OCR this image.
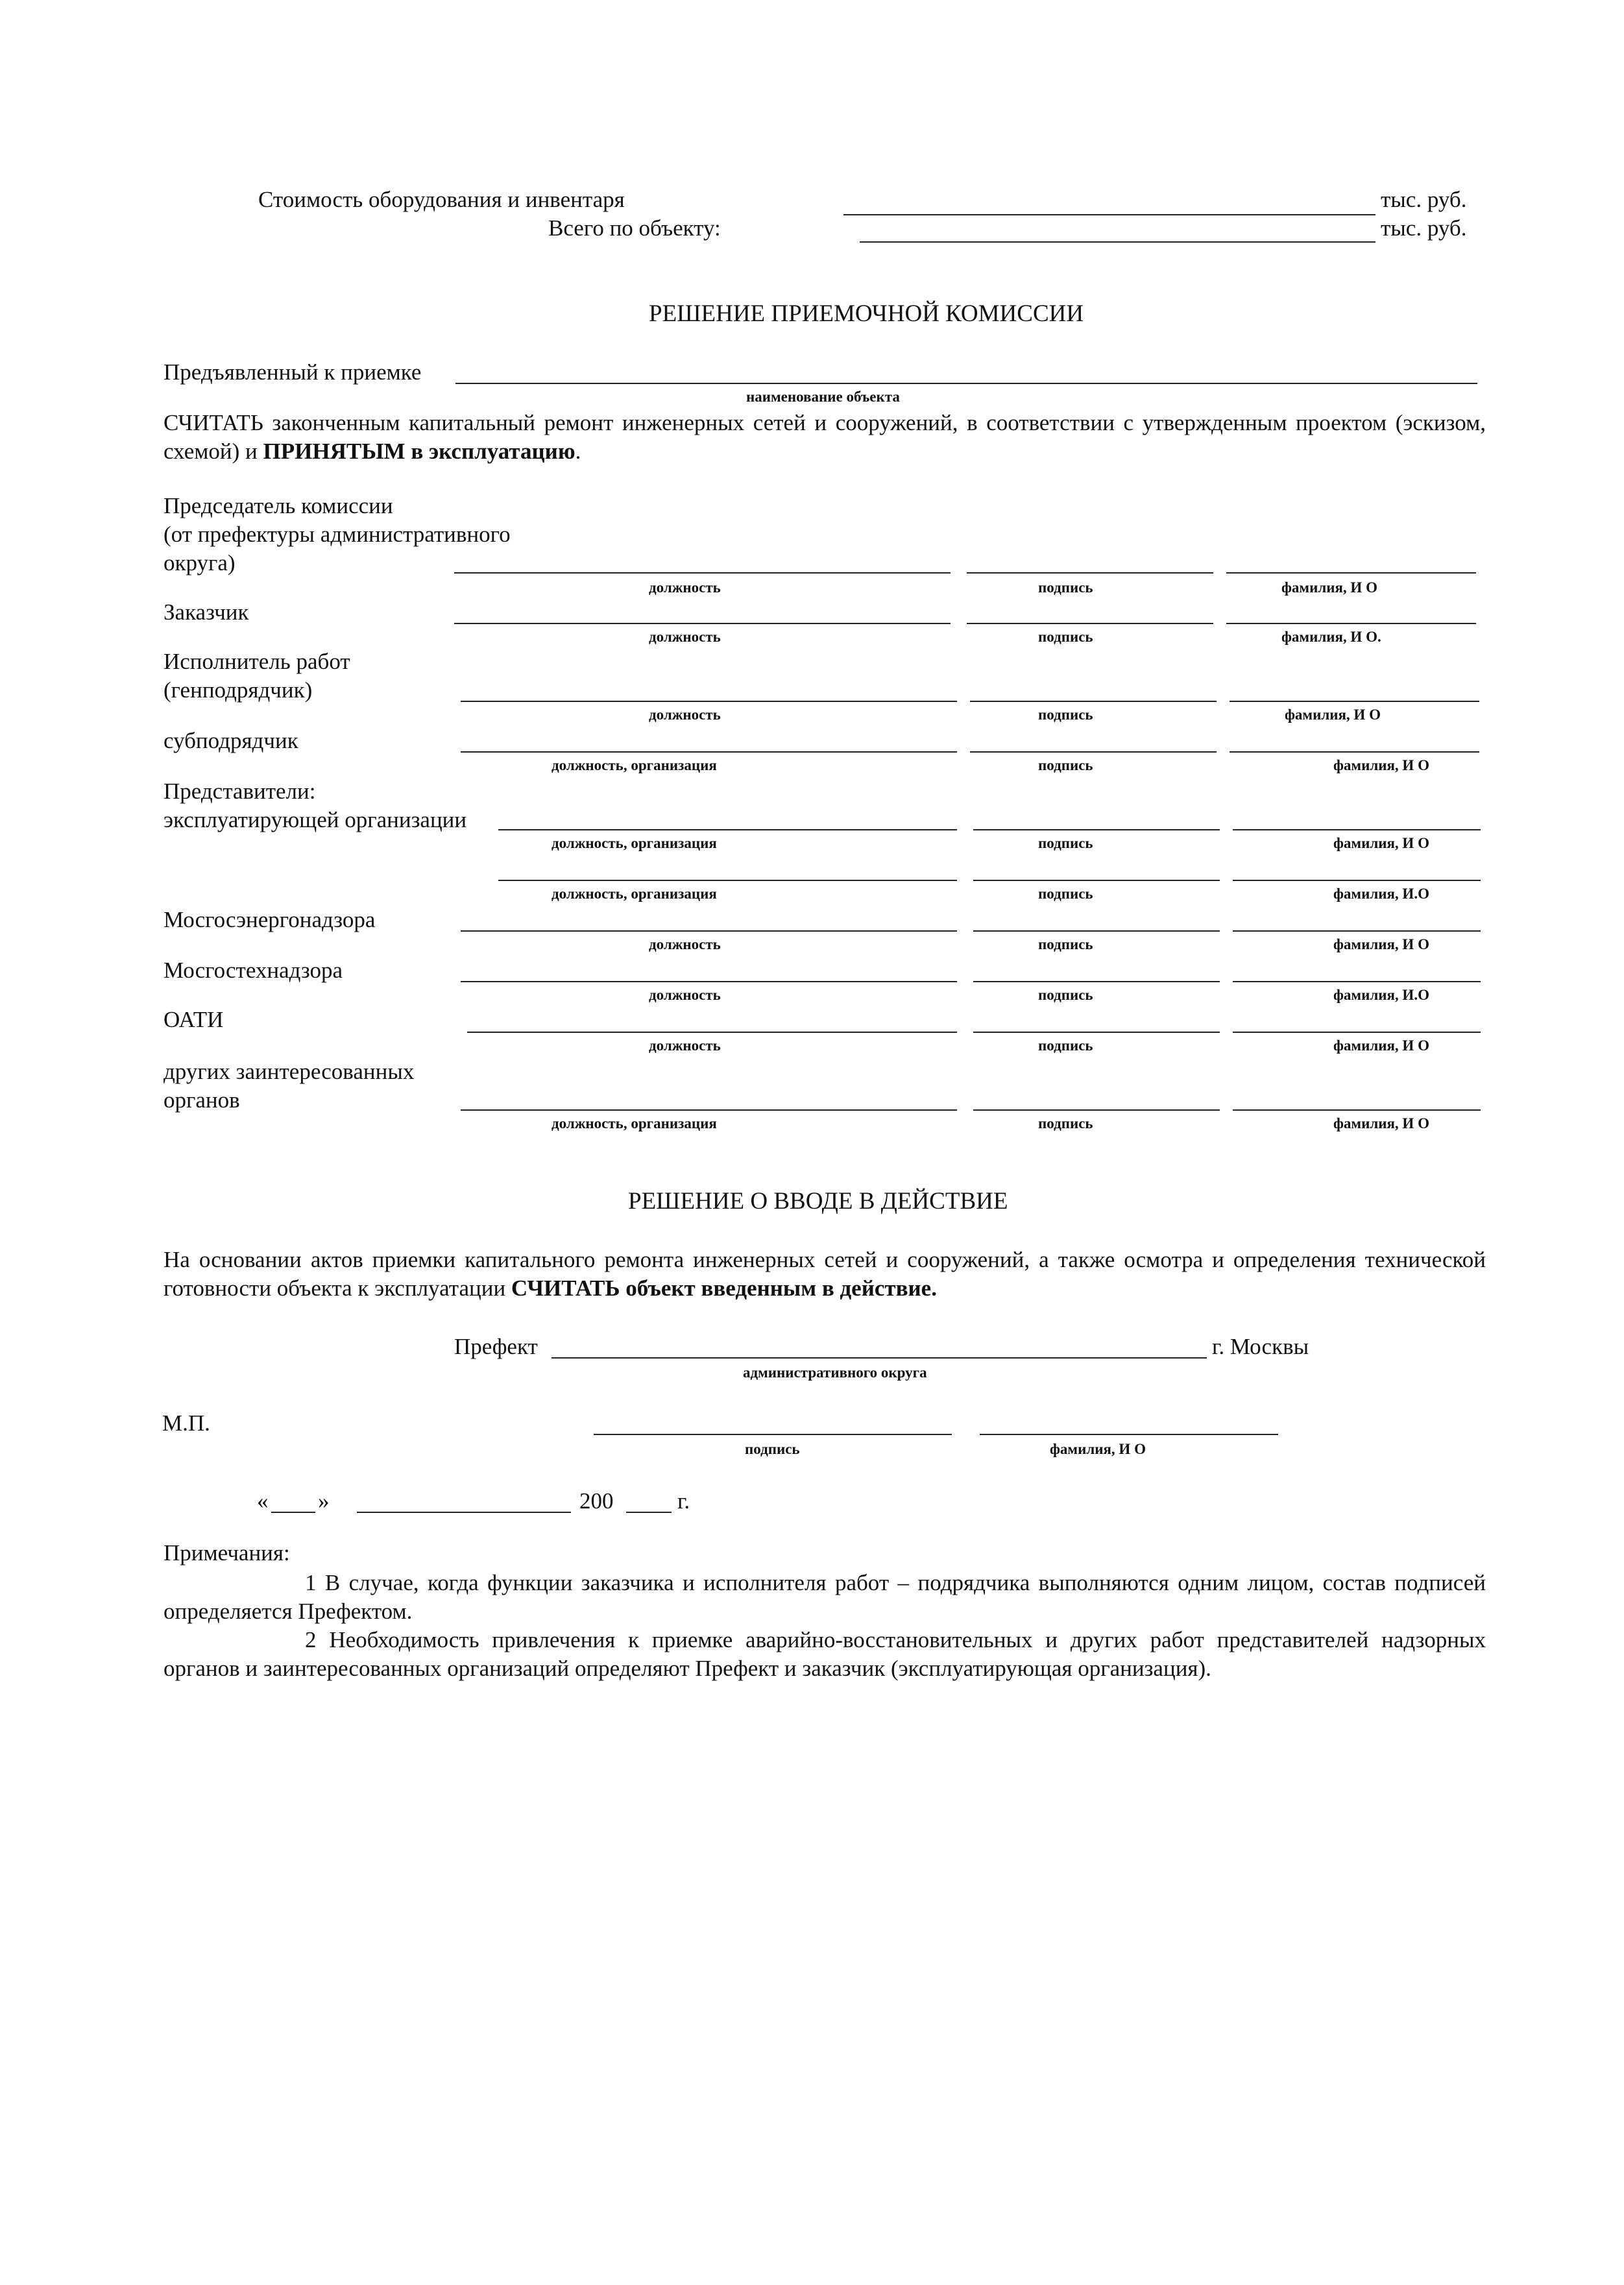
Стоимость оборудования и инвентаря	тыс. руб.
Всего по объекту:	тыс. руб.
РЕШЕНИЕ ПРИЕМОЧНОЙ КОМИССИИ
Предъявленный к приемке
наименование объекта
СЧИТАТЬ законченным капитальный ремонт инженерных сетей и сооружений, в соответствии с утвержденным проектом (эскизом, схемой) и ПРИНЯТЫМ в эксплуатацию.
Председатель комиссии
(от префектуры административного
округа)
должность	подпись	фамилия, И О
Заказчик
должность	подпись	фамилия, И О.
Исполнитель работ
(генподрядчик)
должность	подпись	фамилия, И О
субподрядчик
должность, организация	подпись	фамилия, И О
Представители:
эксплуатирующей организации
должность, организация	подпись	фамилия, И О
должность, организация	подпись	фамилия, И.О
Мосгосэнергонадзора
должность	подпись	фамилия, И О
Мосгостехнадзора
должность	подпись	фамилия, И.О
ОАТИ
должность	подпись	фамилия, И О
других заинтересованных
органов
должность, организация	подпись	фамилия, И О
РЕШЕНИЕ О ВВОДЕ В ДЕЙСТВИЕ
На основании актов приемки капитального ремонта инженерных сетей и сооружений, а также осмотра и определения технической готовности объекта к эксплуатации СЧИТАТЬ объект введенным в действие.
Префект	г. Москвы
административного округа
М.П.
подпись	фамилия, И О
« »	200	г.
Примечания:
1 В случае, когда функции заказчика и исполнителя работ – подрядчика выполняются одним лицом, состав подписей определяется Префектом.
2 Необходимость привлечения к приемке аварийно-восстановительных и других работ представителей надзорных органов и заинтересованных организаций определяют Префект и заказчик (эксплуатирующая организация).
